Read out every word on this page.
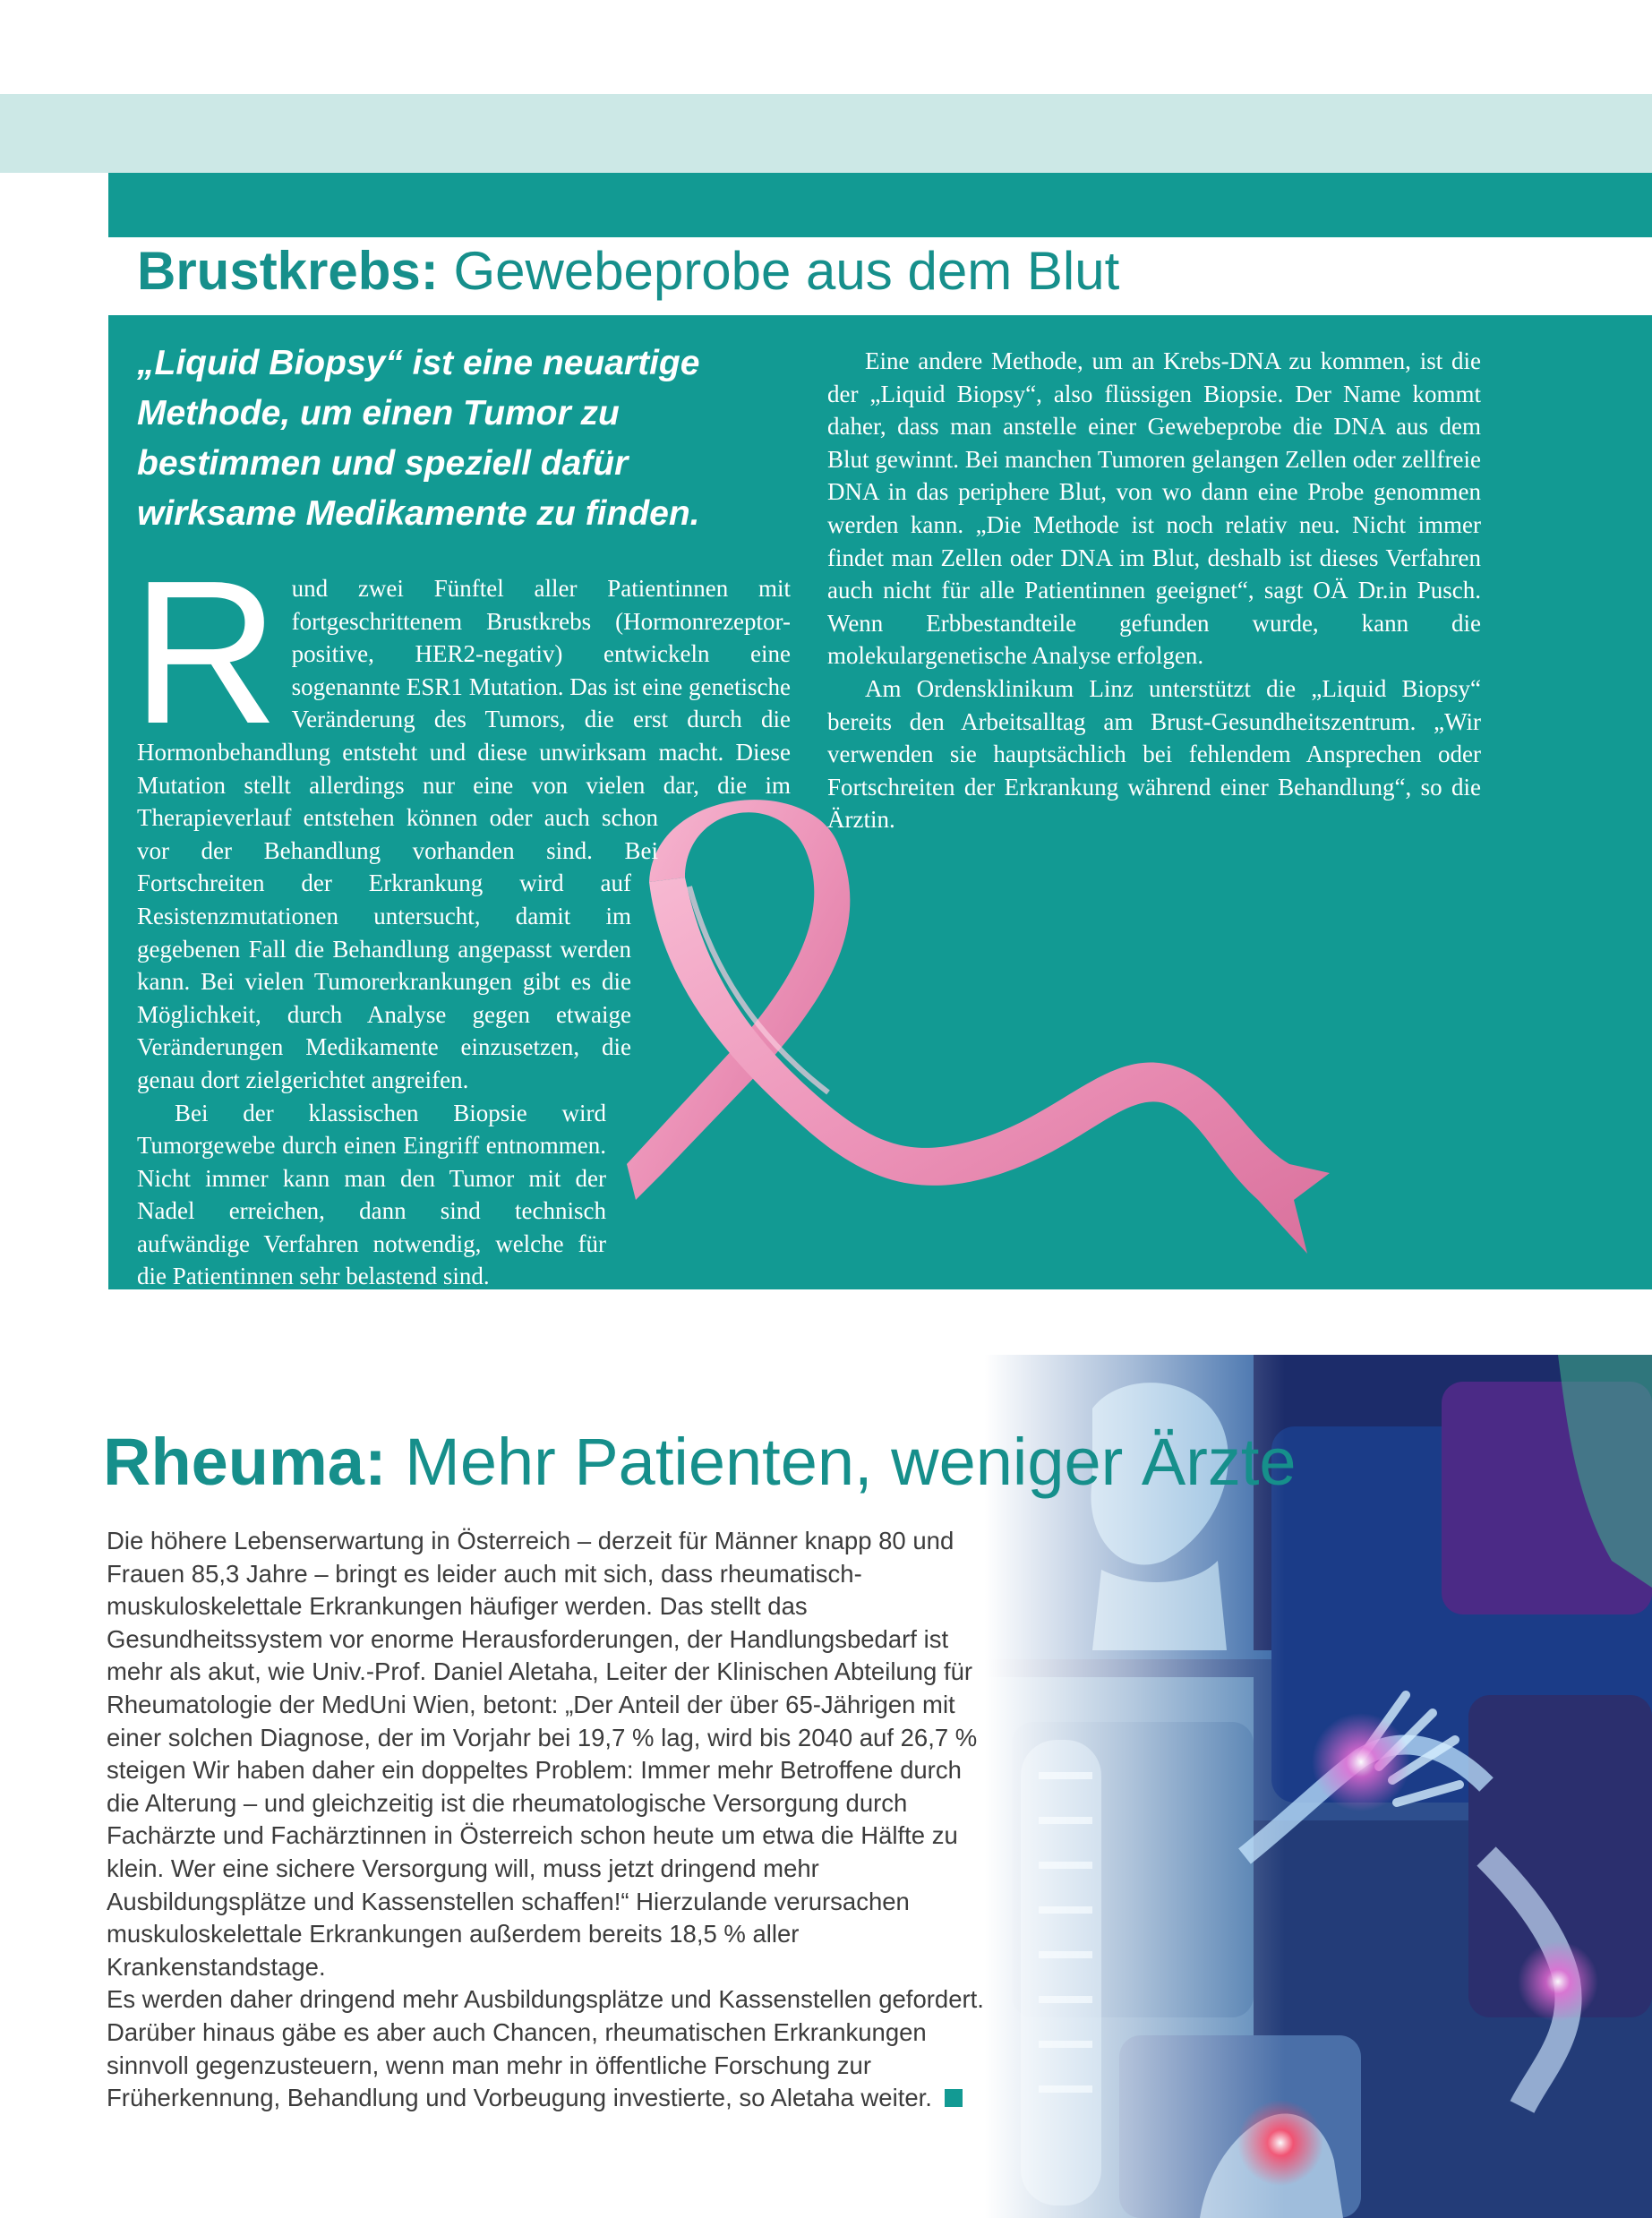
Brustkrebs: Gewebeprobe aus dem Blut

„Liquid Biopsy“ ist eine neuartige Methode, um einen Tumor zu bestimmen und speziell dafür wirksame Medikamente zu finden.

R und zwei Fünftel aller Patientinnen mit fortgeschrittenem Brustkrebs (Hormonrezeptor-positive, HER2-negativ) entwickeln eine sogenannte ESR1 Mutation. Das ist eine genetische Veränderung des Tumors, die erst durch die Hormonbehandlung entsteht und diese unwirksam macht. Diese Mutation stellt allerdings nur eine von vielen dar, die im Therapieverlauf entstehen können oder auch schon vor der Behandlung vorhanden sind. Bei Fortschreiten der Erkrankung wird auf Resistenzmutationen untersucht, damit im gegebenen Fall die Behandlung angepasst werden kann. Bei vielen Tumorerkrankungen gibt es die Möglichkeit, durch Analyse gegen etwaige Veränderungen Medikamente einzusetzen, die genau dort zielgerichtet angreifen.

Bei der klassischen Biopsie wird Tumorgewebe durch einen Eingriff entnommen. Nicht immer kann man den Tumor mit der Nadel erreichen, dann sind technisch aufwändige Verfahren notwendig, welche für die Patientinnen sehr belastend sind.

Eine andere Methode, um an Krebs-DNA zu kommen, ist die der „Liquid Biopsy“, also flüssigen Biopsie. Der Name kommt daher, dass man anstelle einer Gewebeprobe die DNA aus dem Blut gewinnt. Bei manchen Tumoren gelangen Zellen oder zellfreie DNA in das periphere Blut, von wo dann eine Probe genommen werden kann. „Die Methode ist noch relativ neu. Nicht immer findet man Zellen oder DNA im Blut, deshalb ist dieses Verfahren auch nicht für alle Patientinnen geeignet“, sagt OÄ Dr.in Pusch. Wenn Erbbestandteile gefunden wurde, kann die molekulargenetische Analyse erfolgen.

Am Ordensklinikum Linz unterstützt die „Liquid Biopsy“ bereits den Arbeitsalltag am Brust-Gesundheitszentrum. „Wir verwenden sie hauptsächlich bei fehlendem Ansprechen oder Fortschreiten der Erkrankung während einer Behandlung“, so die Ärztin.

Rheuma: Mehr Patienten, weniger Ärzte

Die höhere Lebenserwartung in Österreich – derzeit für Männer knapp 80 und Frauen 85,3 Jahre – bringt es leider auch mit sich, dass rheumatisch-muskuloskelettale Erkrankungen häufiger werden. Das stellt das Gesundheitssystem vor enorme Herausforderungen, der Handlungsbedarf ist mehr als akut, wie Univ.-Prof. Daniel Aletaha, Leiter der Klinischen Abteilung für Rheumatologie der MedUni Wien, betont: „Der Anteil der über 65-Jährigen mit einer solchen Diagnose, der im Vorjahr bei 19,7 % lag, wird bis 2040 auf 26,7 % steigen Wir haben daher ein doppeltes Problem: Immer mehr Betroffene durch die Alterung – und gleichzeitig ist die rheumatologische Versorgung durch Fachärzte und Fachärztinnen in Österreich schon heute um etwa die Hälfte zu klein. Wer eine sichere Versorgung will, muss jetzt dringend mehr Ausbildungsplätze und Kassenstellen schaffen!“ Hierzulande verursachen muskuloskelettale Erkrankungen außerdem bereits 18,5 % aller Krankenstandstage.

Es werden daher dringend mehr Ausbildungsplätze und Kassenstellen gefordert. Darüber hinaus gäbe es aber auch Chancen, rheumatischen Erkrankungen sinnvoll gegenzusteuern, wenn man mehr in öffentliche Forschung zur Früherkennung, Behandlung und Vorbeugung investierte, so Aletaha weiter.
